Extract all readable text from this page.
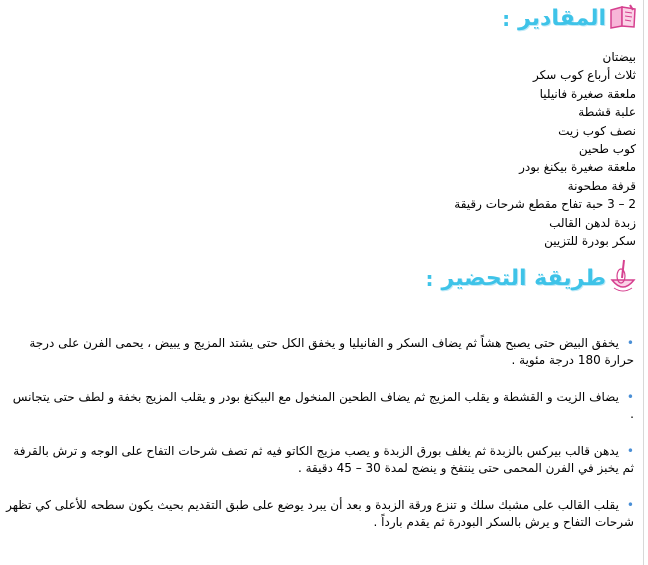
المقادير
:
بيضتان
ثلاث أرباع كوب سكر
ملعقة صغيرة فانيليا
علبة قشطة
نصف كوب زيت
كوب طحين
ملعقة صغيرة بيكنغ بودر
قرفة مطحونة
2 – 3 حبة تفاح مقطع شرحات رقيقة
زبدة لدهن القالب
سكر بودرة للتزيين
طريقة التحضير
:
•يخفق البيض حتى يصبح هشاً ثم يضاف السكر و الفانيليا و يخفق الكل حتى يشتد المزيج و يبيض ، يحمى الفرن على درجة حرارة 180 درجة مئوية .
•يضاف الزيت و القشطة و يقلب المزيج ثم يضاف الطحين المنخول مع البيكنغ بودر و يقلب المزيج بخفة و لطف حتى يتجانس .
•يدهن قالب بيركس بالزبدة ثم يغلف بورق الزبدة و يصب مزيج الكاتو فيه ثم تصف شرحات التفاح على الوجه و ترش بالقرفة ثم يخبز في الفرن المحمى حتى ينتفخ و ينضج لمدة 30 – 45 دقيقة .
•يقلب القالب على مشبك سلك و تنزع ورقة الزبدة و بعد أن يبرد يوضع على طبق التقديم بحيث يكون سطحه للأعلى كي تظهر شرحات التفاح و يرش بالسكر البودرة ثم يقدم بارداً .
